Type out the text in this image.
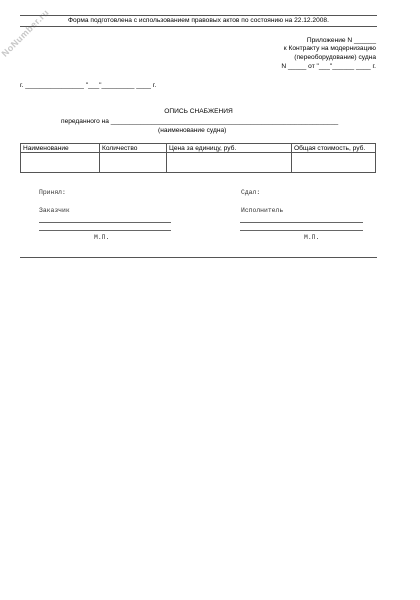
NoNumber.ru	Форма подготовлена с использованием правовых актов по состоянию на 22.12.2008.
Приложение N ______
к Контракту на модернизацию
(переоборудование) судна
N _____ от "___"______ ____ г.
г. ________________ "___"_________ ____ г.
ОПИСЬ СНАБЖЕНИЯ
переданного на ______________________________________________________________
(наименование судна)
Наименование	Количество	Цена за единицу, руб.	Общая стоимость, руб.

Принял:	Сдал:
Заказчик	Исполнитель
М.П.	М.П.
